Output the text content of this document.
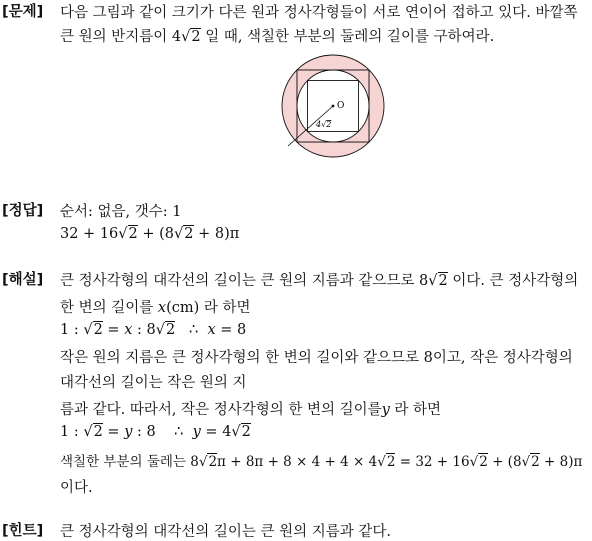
[문제] 다음 그림과 같이 크기가 다른 원과 정사각형들이 서로 연이어 접하고 있다. 바깥쪽
큰 원의 반지름이 4√2 일 때, 색칠한 부분의 둘레의 길이를 구하여라.
O
4√2
[정답] 순서: 없음, 갯수: 1
32 + 16√2 + (8√2 + 8)π
[해설] 큰 정사각형의 대각선의 길이는 큰 원의 지름과 같으므로 8√2 이다. 큰 정사각형의
한 변의 길이를 x(cm) 라 하면
1 : √2 = x : 8√2   ∴  x = 8
작은 원의 지름은 큰 정사각형의 한 변의 길이와 같으므로 8이고, 작은 정사각형의
대각선의 길이는 작은 원의 지
름과 같다. 따라서, 작은 정사각형의 한 변의 길이를y 라 하면
1 : √2 = y : 8    ∴  y = 4√2
색칠한 부분의 둘레는 8√2π + 8π + 8 × 4 + 4 × 4√2 = 32 + 16√2 + (8√2 + 8)π
이다.
[힌트] 큰 정사각형의 대각선의 길이는 큰 원의 지름과 같다.
